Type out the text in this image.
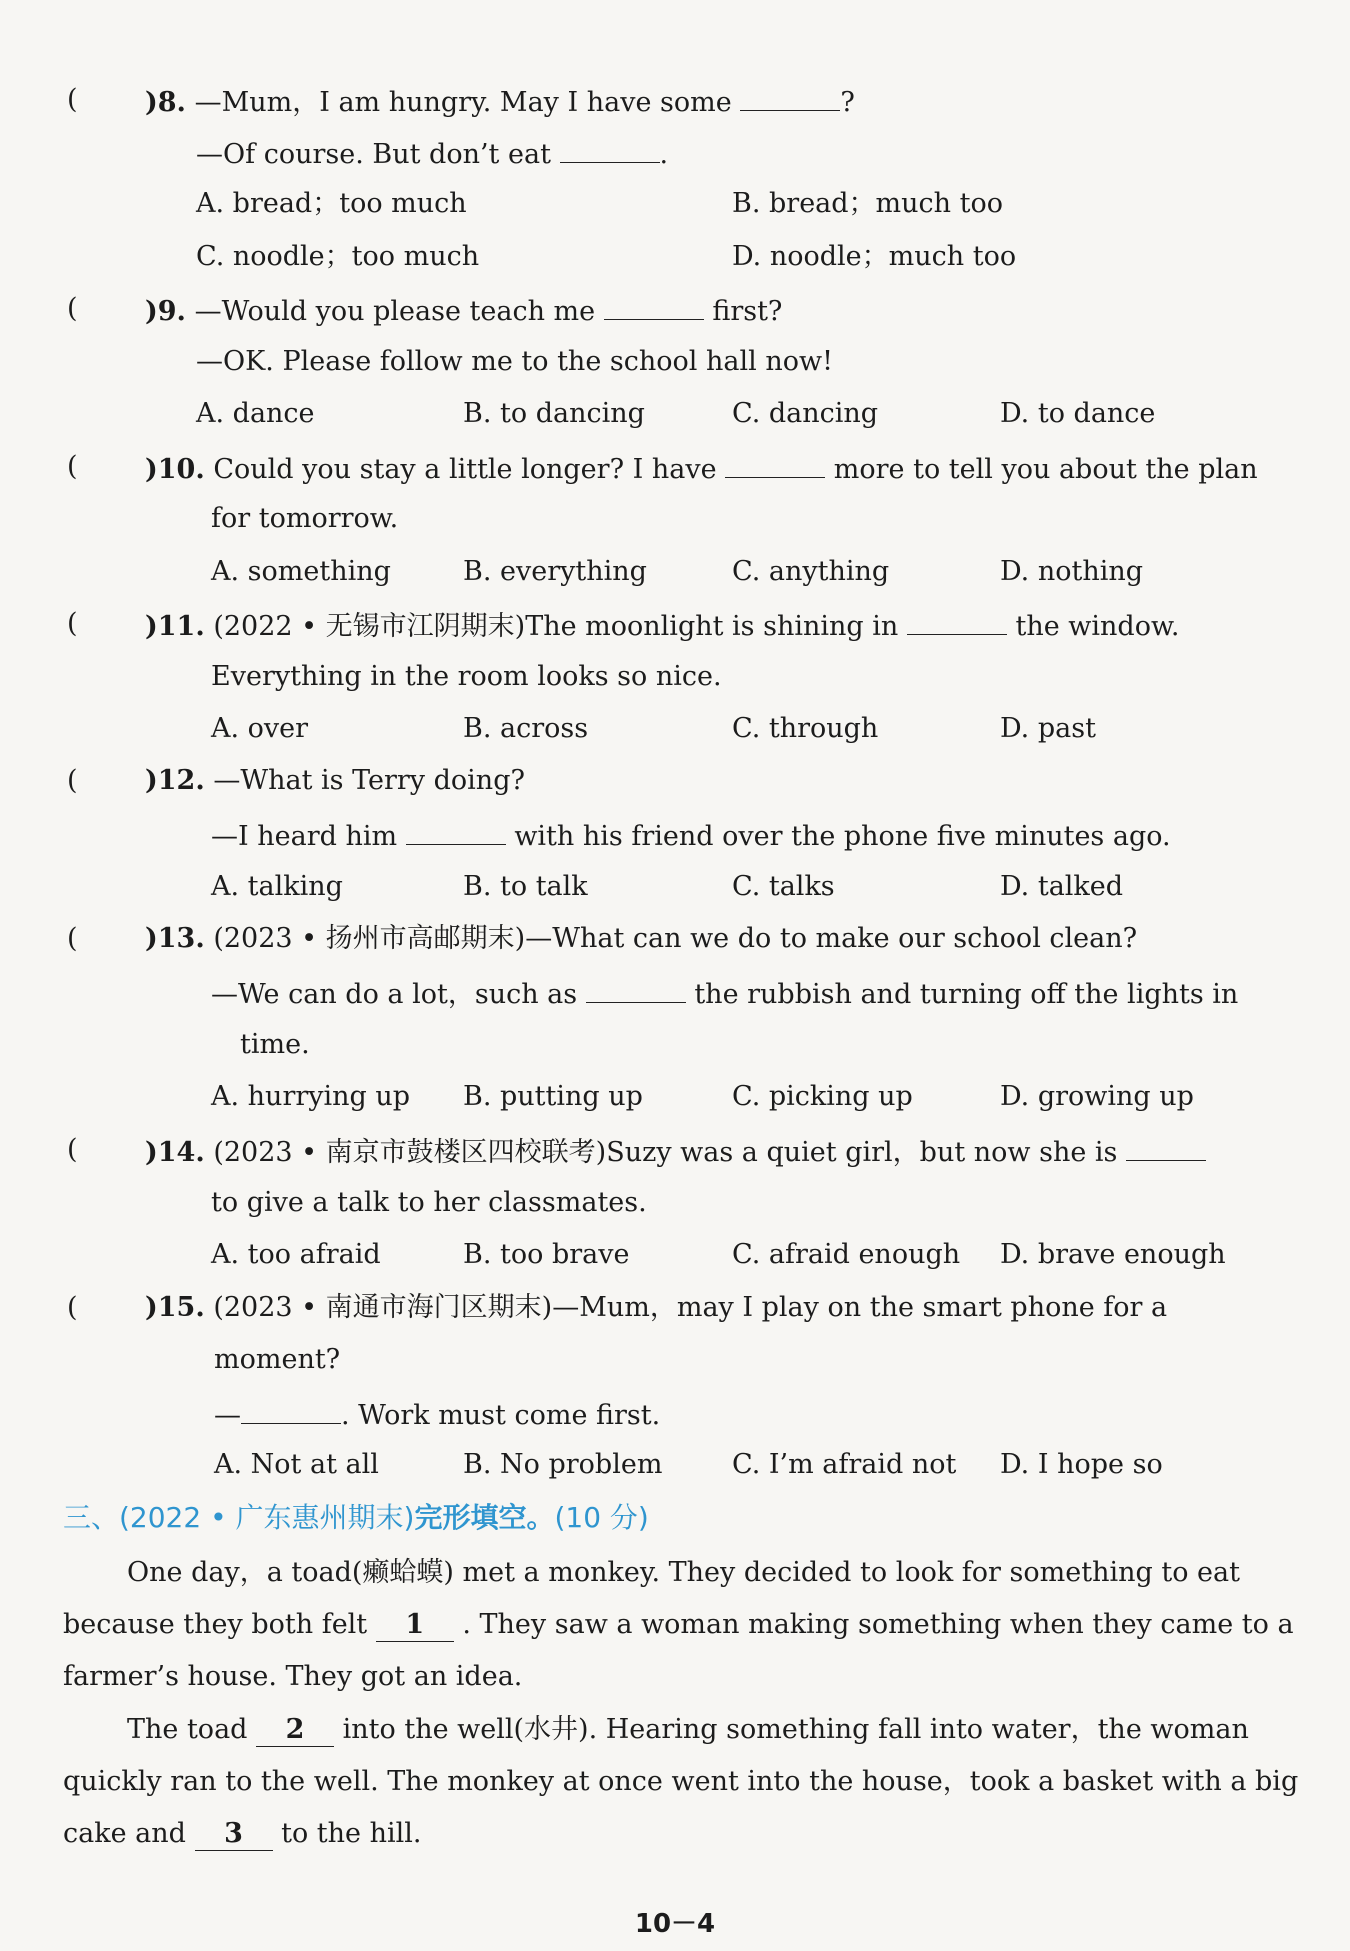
( )8. —Mum，I am hungry. May I have some	?
—Of course. But don’t eat	.
A. bread；too much	B. bread；much too
C. noodle；too much	D. noodle；much too
( )9. —Would you please teach me	first?
—OK. Please follow me to the school hall now!
A. dance	B. to dancing	C. dancing	D. to dance
( )10. Could you stay a little longer? I have	more to tell you about the plan
for tomorrow.
A. something	B. everything	C. anything	D. nothing
( )11. (2022 • 无锡市江阴期末)The moonlight is shining in	the window.
Everything in the room looks so nice.
A. over	B. across	C. through	D. past
( )12. —What is Terry doing?
—I heard him	with his friend over the phone five minutes ago.
A. talking	B. to talk	C. talks	D. talked
( )13. (2023 • 扬州市高邮期末)—What can we do to make our school clean?
—We can do a lot，such as	the rubbish and turning off the lights in
time.
A. hurrying up B. putting up	C. picking up	D. growing up
( )14. (2023 • 南京市鼓楼区四校联考)Suzy was a quiet girl，but now she is
to give a talk to her classmates.
A. too afraid	B. too brave	C. afraid enough D. brave enough
( )15. (2023 • 南通市海门区期末)—Mum，may I play on the smart phone for a
moment?
—	. Work must come first.
A. Not at all	B. No problem	C. I’m afraid not D. I hope so
三、(2022 • 广东惠州期末)完形填空。(10 分)
One day，a toad(癞蛤蟆) met a monkey. They decided to look for something to eat
because they both felt 1 . They saw a woman making something when they came to a
farmer’s house. They got an idea.
The toad 2 into the well(水井). Hearing something fall into water，the woman
quickly ran to the well. The monkey at once went into the house，took a basket with a big
cake and 3 to the hill.
10－4
